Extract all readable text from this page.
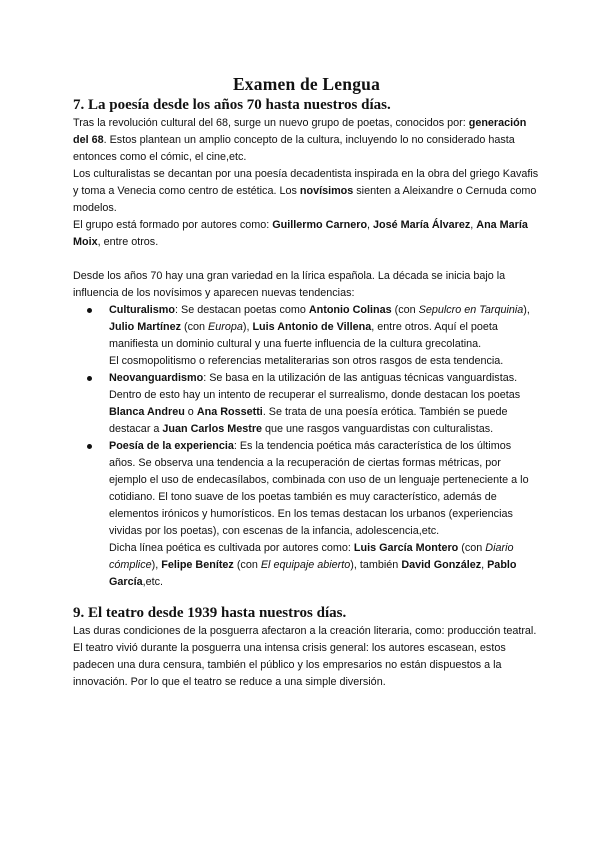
Examen de Lengua
7. La poesía desde los años 70 hasta nuestros días.

Tras la revolución cultural del 68, surge un nuevo grupo de poetas, conocidos por: generación del 68. Estos plantean un amplio concepto de la cultura, incluyendo lo no considerado hasta entonces como el cómic, el cine,etc.

Los culturalistas se decantan por una poesía decadentista inspirada en la obra del griego Kavafis y toma a Venecia como centro de estética. Los novísimos sienten a Aleixandre o Cernuda como modelos.

El grupo está formado por autores como: Guillermo Carnero, José María Álvarez, Ana María Moix, entre otros.

Desde los años 70 hay una gran variedad en la lírica española. La década se inicia bajo la influencia de los novísimos y aparecen nuevas tendencias:

Culturalismo: Se destacan poetas como Antonio Colinas (con Sepulcro en Tarquinia), Julio Martínez (con Europa), Luis Antonio de Villena, entre otros. Aquí el poeta manifiesta un dominio cultural y una fuerte influencia de la cultura grecolatina.
El cosmopolitismo o referencias metaliterarias son otros rasgos de esta tendencia.
Neovanguardismo: Se basa en la utilización de las antiguas técnicas vanguardistas. Dentro de esto hay un intento de recuperar el surrealismo, donde destacan los poetas Blanca Andreu o Ana Rossetti. Se trata de una poesía erótica. También se puede destacar a Juan Carlos Mestre que une rasgos vanguardistas con culturalistas.
Poesía de la experiencia: Es la tendencia poética más característica de los últimos años. Se observa una tendencia a la recuperación de ciertas formas métricas, por ejemplo el uso de endecasílabos, combinada con uso de un lenguaje perteneciente a lo cotidiano. El tono suave de los poetas también es muy característico, además de elementos irónicos y humorísticos. En los temas destacan los urbanos (experiencias vividas por los poetas), con escenas de la infancia, adolescencia,etc.
Dicha línea poética es cultivada por autores como: Luis García Montero (con Diario cómplice), Felipe Benítez (con El equipaje abierto), también David González, Pablo García,etc.
9. El teatro desde 1939 hasta nuestros días.

Las duras condiciones de la posguerra afectaron a la creación literaria, como: producción teatral. El teatro vivió durante la posguerra una intensa crisis general: los autores escasean, estos padecen una dura censura, también el público y los empresarios no están dispuestos a la innovación. Por lo que el teatro se reduce a una simple diversión.
